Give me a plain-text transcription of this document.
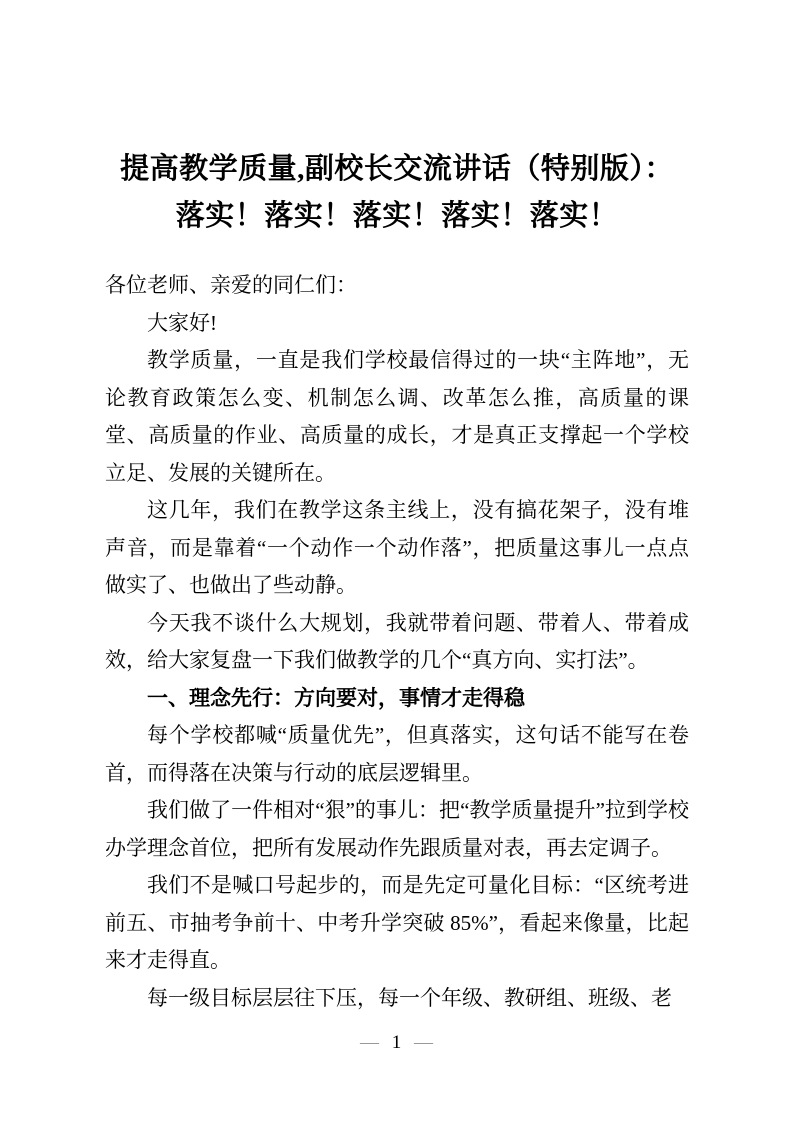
提高教学质量,副校长交流讲话（特别版）：
落实！落实！落实！落实！落实！

各位老师、亲爱的同仁们：

大家好!

教学质量，一直是我们学校最信得过的一块“主阵地”，无论教育政策怎么变、机制怎么调、改革怎么推，高质量的课堂、高质量的作业、高质量的成长，才是真正支撑起一个学校立足、发展的关键所在。

这几年，我们在教学这条主线上，没有搞花架子，没有堆声音，而是靠着“一个动作一个动作落”，把质量这事儿一点点做实了、也做出了些动静。

今天我不谈什么大规划，我就带着问题、带着人、带着成效，给大家复盘一下我们做教学的几个“真方向、实打法”。

一、理念先行：方向要对，事情才走得稳

每个学校都喊“质量优先”，但真落实，这句话不能写在卷首，而得落在决策与行动的底层逻辑里。

我们做了一件相对“狠”的事儿：把“教学质量提升”拉到学校办学理念首位，把所有发展动作先跟质量对表，再去定调子。

我们不是喊口号起步的，而是先定可量化目标：“区统考进前五、市抽考争前十、中考升学突破 85%”，看起来像量，比起来才走得直。

每一级目标层层往下压，每一个年级、教研组、班级、老

— 1 —
